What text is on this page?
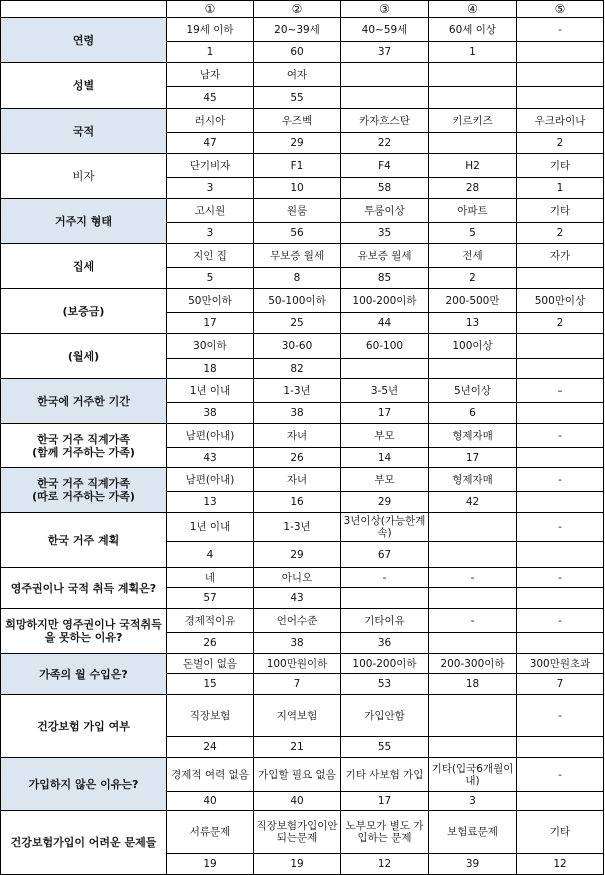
	①	②	③	④	⑤
연령	19세 이하	20~39세	40~59세	60세 이상	-
	1	60	37	1	
성별	남자	여자			
	45	55			
국적	러시아	우즈벡	카자흐스탄	키르키즈	우크라이나
	47	29	22		2
비자	단기비자	F1	F4	H2	기타
	3	10	58	28	1
거주지 형태	고시원	원룸	투룸이상	아파트	기타
	3	56	35	5	2
집세	지인 집	무보증 월세	유보증 월세	전세	자가
	5	8	85	2	
(보증금)	50만이하	50-100이하	100-200이하	200-500만	500만이상
	17	25	44	13	2
(월세)	30이하	30-60	60-100	100이상	
	18	82			
한국에 거주한 기간	1년 이내	1-3년	3-5년	5년이상	–
	38	38	17	6	
한국 거주 직계가족
(함께 거주하는 가족)	남편(아내)	자녀	부모	형제자매	-
	43	26	14	17	
한국 거주 직계가족
(따로 거주하는 가족)	남편(아내)	자녀	부모	형제자매	-
	13	16	29	42	
한국 거주 계획	1년 이내	1-3년	3년이상(가능한계속)		-
	4	29	67		
영주권이나 국적 취득 계획은?	네	아니오	-	-	-
	57	43			
희망하지만 영주권이나 국적취득을 못하는 이유?	경제적이유	언어수준	기타이유	-	-
	26	38	36		
가족의 월 수입은?	돈벌이 없음	100만원이하	100-200이하	200-300이하	300만원초과
	15	7	53	18	7
건강보험 가입 여부	직장보험	지역보험	가입안함		-
	24	21	55		
가입하지 않은 이유는?	경제적 여력 없음	가입할 필요 없음	기타 사보험 가입	기타(입국6개월이내)	-
	40	40	17	3	
건강보험가입이 어려운 문제들	서류문제	직장보험가입이안되는문제	노부모가 별도 가입하는 문제	보험료문제	기타
	19	19	12	39	12
